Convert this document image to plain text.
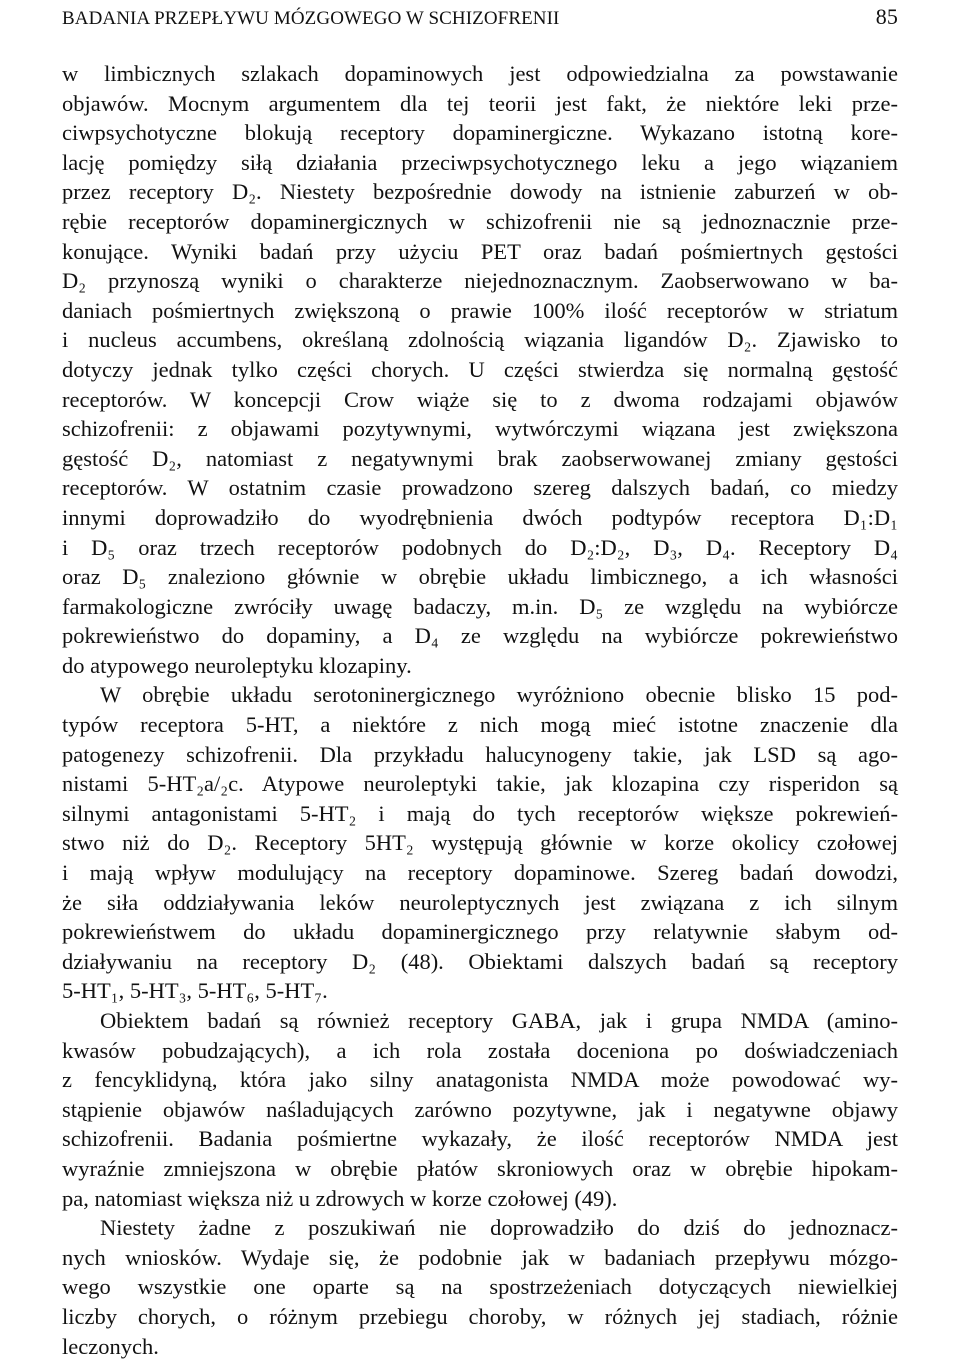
BADANIA PRZEPŁYWU MÓZGOWEGO W SCHIZOFRENII	85
w limbicznych szlakach dopaminowych jest odpowiedzialna za powstawanie
objawów. Mocnym argumentem dla tej teorii jest fakt, że niektóre leki prze-
ciwpsychotyczne blokują receptory dopaminergiczne. Wykazano istotną kore-
lację pomiędzy siłą działania przeciwpsychotycznego leku a jego wiązaniem
przez receptory D₂. Niestety bezpośrednie dowody na istnienie zaburzeń w ob-
rębie receptorów dopaminergicznych w schizofrenii nie są jednoznacznie prze-
konujące. Wyniki badań przy użyciu PET oraz badań pośmiertnych gęstości
D₂ przynoszą wyniki o charakterze niejednoznacznym. Zaobserwowano w ba-
daniach pośmiertnych zwiększoną o prawie 100% ilość receptorów w striatum
i nucleus accumbens, określaną zdolnością wiązania ligandów D₂. Zjawisko to
dotyczy jednak tylko części chorych. U części stwierdza się normalną gęstość
receptorów. W koncepcji Crow wiąże się to z dwoma rodzajami objawów
schizofrenii: z objawami pozytywnymi, wytwórczymi wiązana jest zwiększona
gęstość D₂, natomiast z negatywnymi brak zaobserwowanej zmiany gęstości
receptorów. W ostatnim czasie prowadzono szereg dalszych badań, co miedzy
innymi doprowadziło do wyodrębnienia dwóch podtypów receptora D₁:D₁
i D₅ oraz trzech receptorów podobnych do D₂:D₂, D₃, D₄. Receptory D₄
oraz D₅ znaleziono głównie w obrębie układu limbicznego, a ich własności
farmakologiczne zwróciły uwagę badaczy, m.in. D₅ ze względu na wybiórcze
pokrewieństwo do dopaminy, a D₄ ze względu na wybiórcze pokrewieństwo
do atypowego neuroleptyku klozapiny.
W obrębie układu serotoninergicznego wyróżniono obecnie blisko 15 pod-
typów receptora 5-HT, a niektóre z nich mogą mieć istotne znaczenie dla
patogenezy schizofrenii. Dla przykładu halucynogeny takie, jak LSD są ago-
nistami 5-HT₂a/₂c. Atypowe neuroleptyki takie, jak klozapina czy risperidon są
silnymi antagonistami 5-HT₂ i mają do tych receptorów większe pokrewień-
stwo niż do D₂. Receptory 5HT₂ występują głównie w korze okolicy czołowej
i mają wpływ modulujący na receptory dopaminowe. Szereg badań dowodzi,
że siła oddziaływania leków neuroleptycznych jest związana z ich silnym
pokrewieństwem do układu dopaminergicznego przy relatywnie słabym od-
działywaniu na receptory D₂ (48). Obiektami dalszych badań są receptory
5-HT₁, 5-HT₃, 5-HT₆, 5-HT₇.
Obiektem badań są również receptory GABA, jak i grupa NMDA (amino-
kwasów pobudzających), a ich rola została doceniona po doświadczeniach
z fencyklidyną, która jako silny anatagonista NMDA może powodować wy-
stąpienie objawów naśladujących zarówno pozytywne, jak i negatywne objawy
schizofrenii. Badania pośmiertne wykazały, że ilość receptorów NMDA jest
wyraźnie zmniejszona w obrębie płatów skroniowych oraz w obrębie hipokam-
pa, natomiast większa niż u zdrowych w korze czołowej (49).
Niestety żadne z poszukiwań nie doprowadziło do dziś do jednoznacz-
nych wniosków. Wydaje się, że podobnie jak w badaniach przepływu mózgo-
wego wszystkie one oparte są na spostrzeżeniach dotyczących niewielkiej
liczby chorych, o różnym przebiegu choroby, w różnych jej stadiach, różnie
leczonych.
